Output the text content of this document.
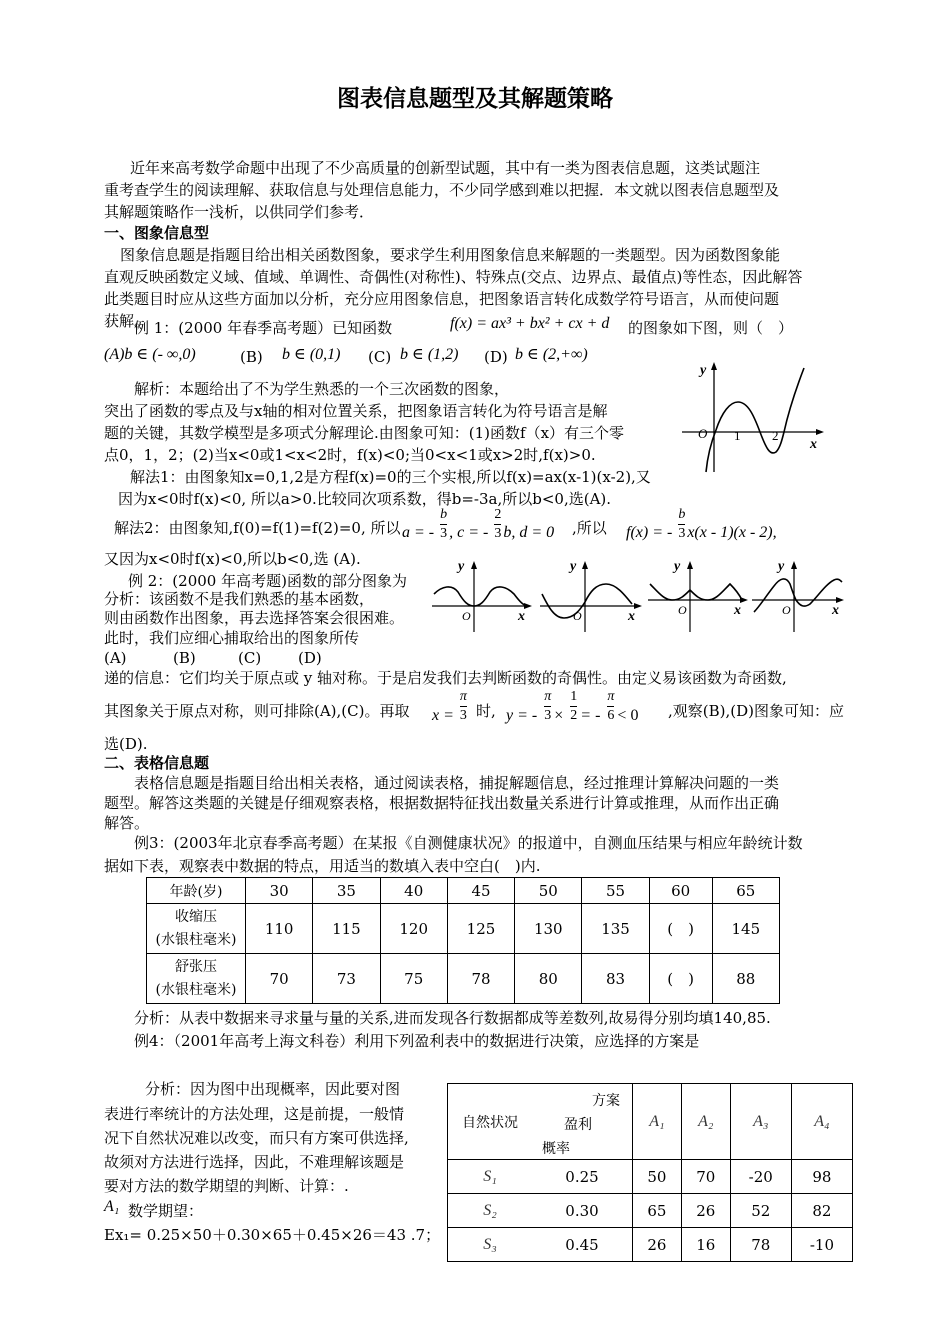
图表信息题型及其解题策略
近年来高考数学命题中出现了不少高质量的创新型试题，其中有一类为图表信息题，这类试题注
重考查学生的阅读理解、获取信息与处理信息能力，不少同学感到难以把握．本文就以图表信息题型及
其解题策略作一浅析，以供同学们参考．
一、图象信息型
图象信息题是指题目给出相关函数图象，要求学生利用图象信息来解题的一类题型。因为函数图象能
直观反映函数定义域、值域、单调性、奇偶性(对称性)、特殊点(交点、边界点、最值点)等性态，因此解答
此类题目时应从这些方面加以分析，充分应用图象信息，把图象语言转化成数学符号语言，从而使问题
获解。
例 1：(2000 年春季高考题）已知函数	f(x) = ax³ + bx² + cx + d 的图象如下图，则（　）
(A)b ∈ (- ∞,0)	(B) b ∈ (0,1) (C) b ∈ (1,2) (D) b ∈ (2,+∞)
y
x
O 1 2
解析：本题给出了不为学生熟悉的一个三次函数的图象，
突出了函数的零点及与x轴的相对位置关系，把图象语言转化为符号语言是解
题的关键，其数学模型是多项式分解理论.由图象可知：(1)函数f（x）有三个零
点0，1，2；(2)当x<0或1<x<2时，f(x)<0;当0<x<1或x>2时,f(x)>0.
解法1：由图象知x=0,1,2是方程f(x)=0的三个实根,所以f(x)=ax(x-1)(x-2),又
因为x<0时f(x)<0, 所以a>0.比较同次项系数，得b=-3a,所以b<0,选(A).
解法2：由图象知,f(0)=f(1)=f(2)=0, 所以 a = - b

3 , c = - 2

3 b, d = 0 ,所以 f(x) = - b

3 x(x - 1)(x - 2),
又因为x<0时f(x)<0,所以b<0,选 (A).
例 2：(2000 年高考题)函数的部分图象为
分析：该函数不是我们熟悉的基本函数，
则由函数作出图象，再去选择答案会很困难。
此时，我们应细心捕取给出的图象所传
(A)	(B)	(C) (D)
y
x
O
y
x
O
y
x
O
y
x
O
递的信息：它们均关于原点或 y 轴对称。于是启发我们去判断函数的奇偶性。由定义易该函数为奇函数,
其图象关于原点对称，则可排除(A),(C)。再取 x = π

3 时, y = - π

3 × 1

2 = - π

6 < 0 ,观察(B),(D)图象可知：应
选(D).
二、表格信息题
表格信息题是指题目给出相关表格，通过阅读表格，捕捉解题信息，经过推理计算解决问题的一类
题型。解答这类题的关键是仔细观察表格，根据数据特征找出数量关系进行计算或推理，从而作出正确
解答。
例3：(2003年北京春季高考题）在某报《自测健康状况》的报道中，自测血压结果与相应年龄统计数
据如下表，观察表中数据的特点，用适当的数填入表中空白(　)内.
年龄(岁)	30	35	40	45	50	55	60	65

收缩压
(水银柱毫米)	110	115	120	125	130	135	(　)	145

舒张压
(水银柱毫米)	70	73	75	78	80	83	(　)	88
分析：从表中数据来寻求量与量的关系,进而发现各行数据都成等差数列,故易得分别均填140,85.
例4：（2001年高考上海文科卷）利用下列盈利表中的数据进行决策，应选择的方案是
分析：因为图中出现概率，因此要对图
表进行率统计的方法处理，这是前提，一般情
况下自然状况难以改变，而只有方案可供选择,
故须对方法进行选择，因此，不难理解该题是
要对方法的数学期望的判断、计算：.
A₁ 数学期望：
Ex₁= 0.25×50＋0.30×65＋0.45×26＝43 .7；
自然状况	方案
盈利
概率	A₁	A₂	A₃	A₄
S₁	0.25	50	70	-20	98
S₂	0.30	65	26	52	82
S₃	0.45	26	16	78	-10
